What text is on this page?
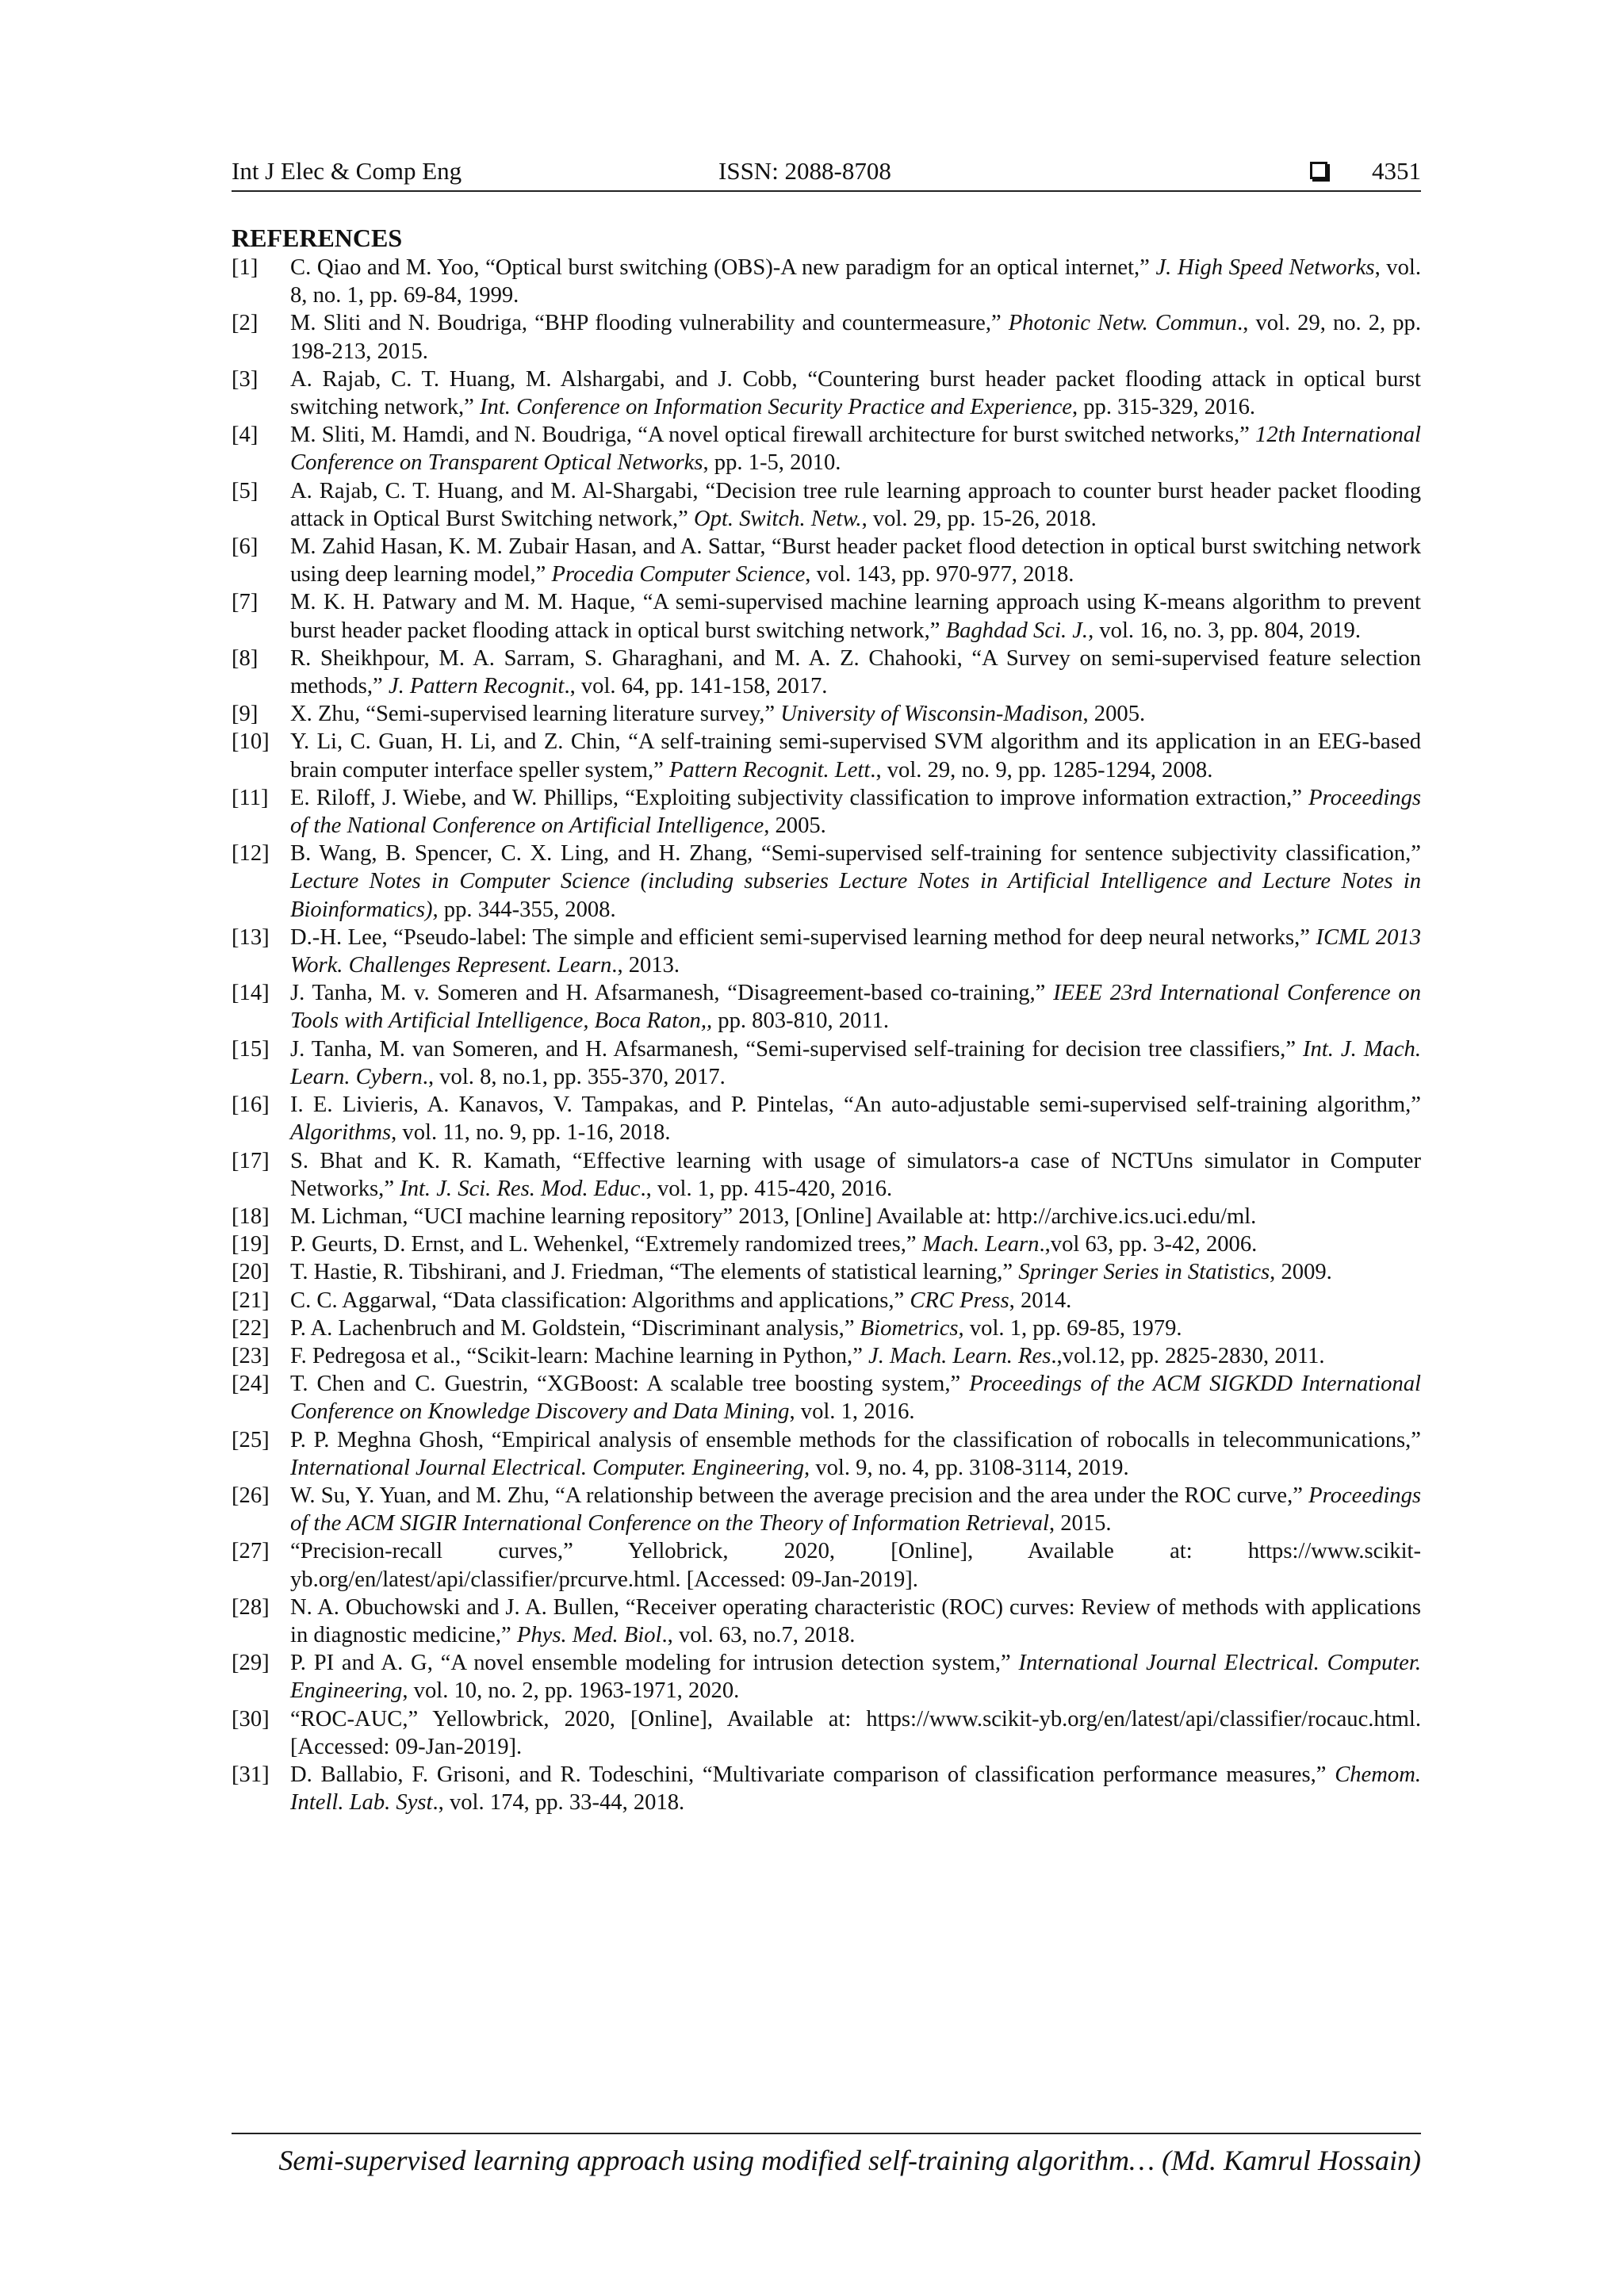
Int J Elec & Comp Eng	ISSN: 2088-8708	4351
REFERENCES
[1]	C. Qiao and M. Yoo, “Optical burst switching (OBS)-A new paradigm for an optical internet,” J. High Speed Networks, vol. 8, no. 1, pp. 69-84, 1999.
[2]	M. Sliti and N. Boudriga, “BHP flooding vulnerability and countermeasure,” Photonic Netw. Commun., vol. 29, no. 2, pp. 198-213, 2015.
[3]	A. Rajab, C. T. Huang, M. Alshargabi, and J. Cobb, “Countering burst header packet flooding attack in optical burst switching network,” Int. Conference on Information Security Practice and Experience, pp. 315-329, 2016.
[4]	M. Sliti, M. Hamdi, and N. Boudriga, “A novel optical firewall architecture for burst switched networks,” 12th International Conference on Transparent Optical Networks, pp. 1-5, 2010.
[5]	A. Rajab, C. T. Huang, and M. Al-Shargabi, “Decision tree rule learning approach to counter burst header packet flooding attack in Optical Burst Switching network,” Opt. Switch. Netw., vol. 29, pp. 15-26, 2018.
[6]	M. Zahid Hasan, K. M. Zubair Hasan, and A. Sattar, “Burst header packet flood detection in optical burst switching network using deep learning model,” Procedia Computer Science, vol. 143, pp. 970-977, 2018.
[7]	M. K. H. Patwary and M. M. Haque, “A semi-supervised machine learning approach using K-means algorithm to prevent burst header packet flooding attack in optical burst switching network,” Baghdad Sci. J., vol. 16, no. 3, pp. 804, 2019.
[8]	R. Sheikhpour, M. A. Sarram, S. Gharaghani, and M. A. Z. Chahooki, “A Survey on semi-supervised feature selection methods,” J. Pattern Recognit., vol. 64, pp. 141-158, 2017.
[9]	X. Zhu, “Semi-supervised learning literature survey,” University of Wisconsin-Madison, 2005.
[10] Y. Li, C. Guan, H. Li, and Z. Chin, “A self-training semi-supervised SVM algorithm and its application in an EEG-based brain computer interface speller system,” Pattern Recognit. Lett., vol. 29, no. 9, pp. 1285-1294, 2008.
[11] E. Riloff, J. Wiebe, and W. Phillips, “Exploiting subjectivity classification to improve information extraction,” Proceedings of the National Conference on Artificial Intelligence, 2005.
[12] B. Wang, B. Spencer, C. X. Ling, and H. Zhang, “Semi-supervised self-training for sentence subjectivity classification,” Lecture Notes in Computer Science (including subseries Lecture Notes in Artificial Intelligence and Lecture Notes in Bioinformatics), pp. 344-355, 2008.
[13] D.-H. Lee, “Pseudo-label: The simple and efficient semi-supervised learning method for deep neural networks,” ICML 2013 Work. Challenges Represent. Learn., 2013.
[14] J. Tanha, M. v. Someren and H. Afsarmanesh, “Disagreement-based co-training,” IEEE 23rd International Conference on Tools with Artificial Intelligence, Boca Raton,, pp. 803-810, 2011.
[15] J. Tanha, M. van Someren, and H. Afsarmanesh, “Semi-supervised self-training for decision tree classifiers,” Int. J. Mach. Learn. Cybern., vol. 8, no.1, pp. 355-370, 2017.
[16] I. E. Livieris, A. Kanavos, V. Tampakas, and P. Pintelas, “An auto-adjustable semi-supervised self-training algorithm,” Algorithms, vol. 11, no. 9, pp. 1-16, 2018.
[17] S. Bhat and K. R. Kamath, “Effective learning with usage of simulators-a case of NCTUns simulator in Computer Networks,” Int. J. Sci. Res. Mod. Educ., vol. 1, pp. 415-420, 2016.
[18] M. Lichman, “UCI machine learning repository” 2013, [Online] Available at: http://archive.ics.uci.edu/ml.
[19] P. Geurts, D. Ernst, and L. Wehenkel, “Extremely randomized trees,” Mach. Learn.,vol 63, pp. 3-42, 2006.
[20] T. Hastie, R. Tibshirani, and J. Friedman, “The elements of statistical learning,” Springer Series in Statistics, 2009.
[21] C. C. Aggarwal, “Data classification: Algorithms and applications,” CRC Press, 2014.
[22] P. A. Lachenbruch and M. Goldstein, “Discriminant analysis,” Biometrics, vol. 1, pp. 69-85, 1979.
[23] F. Pedregosa et al., “Scikit-learn: Machine learning in Python,” J. Mach. Learn. Res.,vol.12, pp. 2825-2830, 2011.
[24] T. Chen and C. Guestrin, “XGBoost: A scalable tree boosting system,” Proceedings of the ACM SIGKDD International Conference on Knowledge Discovery and Data Mining, vol. 1, 2016.
[25] P. P. Meghna Ghosh, “Empirical analysis of ensemble methods for the classification of robocalls in telecommunications,” International Journal Electrical. Computer. Engineering, vol. 9, no. 4, pp. 3108-3114, 2019.
[26] W. Su, Y. Yuan, and M. Zhu, “A relationship between the average precision and the area under the ROC curve,” Proceedings of the ACM SIGIR International Conference on the Theory of Information Retrieval, 2015.
[27] “Precision-recall curves,” Yellobrick, 2020, [Online], Available at: https://www.scikit-yb.org/en/latest/api/classifier/prcurve.html. [Accessed: 09-Jan-2019].
[28] N. A. Obuchowski and J. A. Bullen, “Receiver operating characteristic (ROC) curves: Review of methods with applications in diagnostic medicine,” Phys. Med. Biol., vol. 63, no.7, 2018.
[29] P. PI and A. G, “A novel ensemble modeling for intrusion detection system,” International Journal Electrical. Computer. Engineering, vol. 10, no. 2, pp. 1963-1971, 2020.
[30] “ROC-AUC,” Yellowbrick, 2020, [Online], Available at: https://www.scikit-yb.org/en/latest/api/classifier/rocauc.html. [Accessed: 09-Jan-2019].
[31] D. Ballabio, F. Grisoni, and R. Todeschini, “Multivariate comparison of classification performance measures,” Chemom. Intell. Lab. Syst., vol. 174, pp. 33-44, 2018.
Semi-supervised learning approach using modified self-training algorithm… (Md. Kamrul Hossain)
